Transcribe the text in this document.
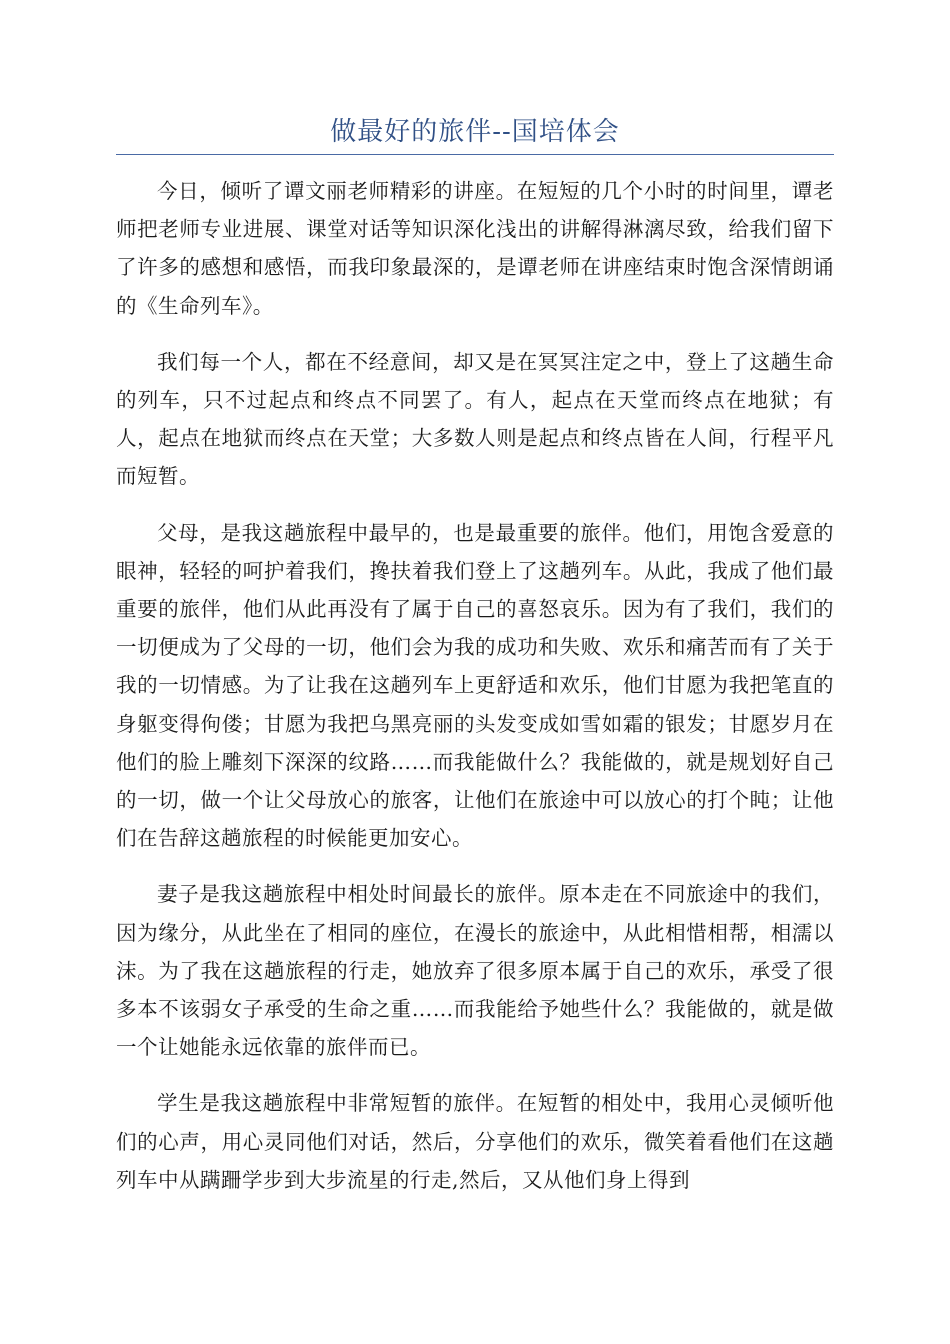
做最好的旅伴--国培体会

今日，倾听了谭文丽老师精彩的讲座。在短短的几个小时的时间里，谭老师把老师专业进展、课堂对话等知识深化浅出的讲解得淋漓尽致，给我们留下了许多的感想和感悟，而我印象最深的，是谭老师在讲座结束时饱含深情朗诵的《生命列车》。

我们每一个人，都在不经意间，却又是在冥冥注定之中，登上了这趟生命的列车，只不过起点和终点不同罢了。有人，起点在天堂而终点在地狱；有人，起点在地狱而终点在天堂；大多数人则是起点和终点皆在人间，行程平凡而短暂。

父母，是我这趟旅程中最早的，也是最重要的旅伴。他们，用饱含爱意的眼神，轻轻的呵护着我们，搀扶着我们登上了这趟列车。从此，我成了他们最重要的旅伴，他们从此再没有了属于自己的喜怒哀乐。因为有了我们，我们的一切便成为了父母的一切，他们会为我的成功和失败、欢乐和痛苦而有了关于我的一切情感。为了让我在这趟列车上更舒适和欢乐，他们甘愿为我把笔直的身躯变得佝偻；甘愿为我把乌黑亮丽的头发变成如雪如霜的银发；甘愿岁月在他们的脸上雕刻下深深的纹路……而我能做什么？我能做的，就是规划好自己的一切，做一个让父母放心的旅客，让他们在旅途中可以放心的打个盹；让他们在告辞这趟旅程的时候能更加安心。

妻子是我这趟旅程中相处时间最长的旅伴。原本走在不同旅途中的我们，因为缘分，从此坐在了相同的座位，在漫长的旅途中，从此相惜相帮，相濡以沫。为了我在这趟旅程的行走，她放弃了很多原本属于自己的欢乐，承受了很多本不该弱女子承受的生命之重……而我能给予她些什么？我能做的，就是做一个让她能永远依靠的旅伴而已。

学生是我这趟旅程中非常短暂的旅伴。在短暂的相处中，我用心灵倾听他们的心声，用心灵同他们对话，然后，分享他们的欢乐，微笑着看他们在这趟列车中从蹒跚学步到大步流星的行走,然后，又从他们身上得到
